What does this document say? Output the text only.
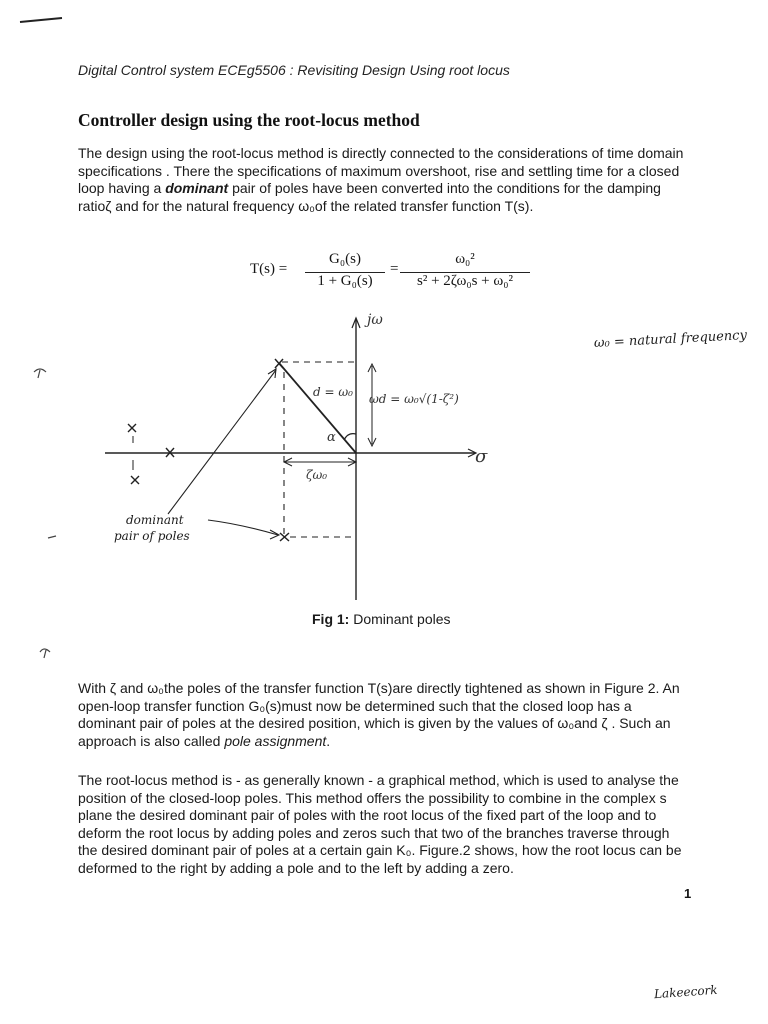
Digital Control system ECEg5506 : Revisiting Design Using root locus
Controller design using the root-locus method

The design using the root-locus method is directly connected to the considerations of time domain specifications . There the specifications of maximum overshoot, rise and settling time for a closed loop having a dominant pair of poles have been converted into the conditions for the damping ratioζ and for the natural frequency ω₀of the related transfer function T(s).

T(s) =
G₀(s)
1 + G₀(s)
=
ω₀²
s² + 2ζω₀s + ω₀²
jω
σ
d = ω₀ ωd = ω₀√(1-ζ²)
α
ζω₀
ω₀ = natural frequency
dominant
pair of poles
Fig 1: Dominant poles

With ζ and ω₀the poles of the transfer function T(s)are directly tightened as shown in Figure 2. An open-loop transfer function G₀(s)must now be determined such that the closed loop has a dominant pair of poles at the desired position, which is given by the values of ω₀and ζ . Such an approach is also called pole assignment.

The root-locus method is - as generally known - a graphical method, which is used to analyse the position of the closed-loop poles. This method offers the possibility to combine in the complex s plane the desired dominant pair of poles with the root locus of the fixed part of the loop and to deform the root locus by adding poles and zeros such that two of the branches traverse through the desired dominant pair of poles at a certain gain K₀. Figure.2 shows, how the root locus can be deformed to the right by adding a pole and to the left by adding a zero.

1
Lakeecork
